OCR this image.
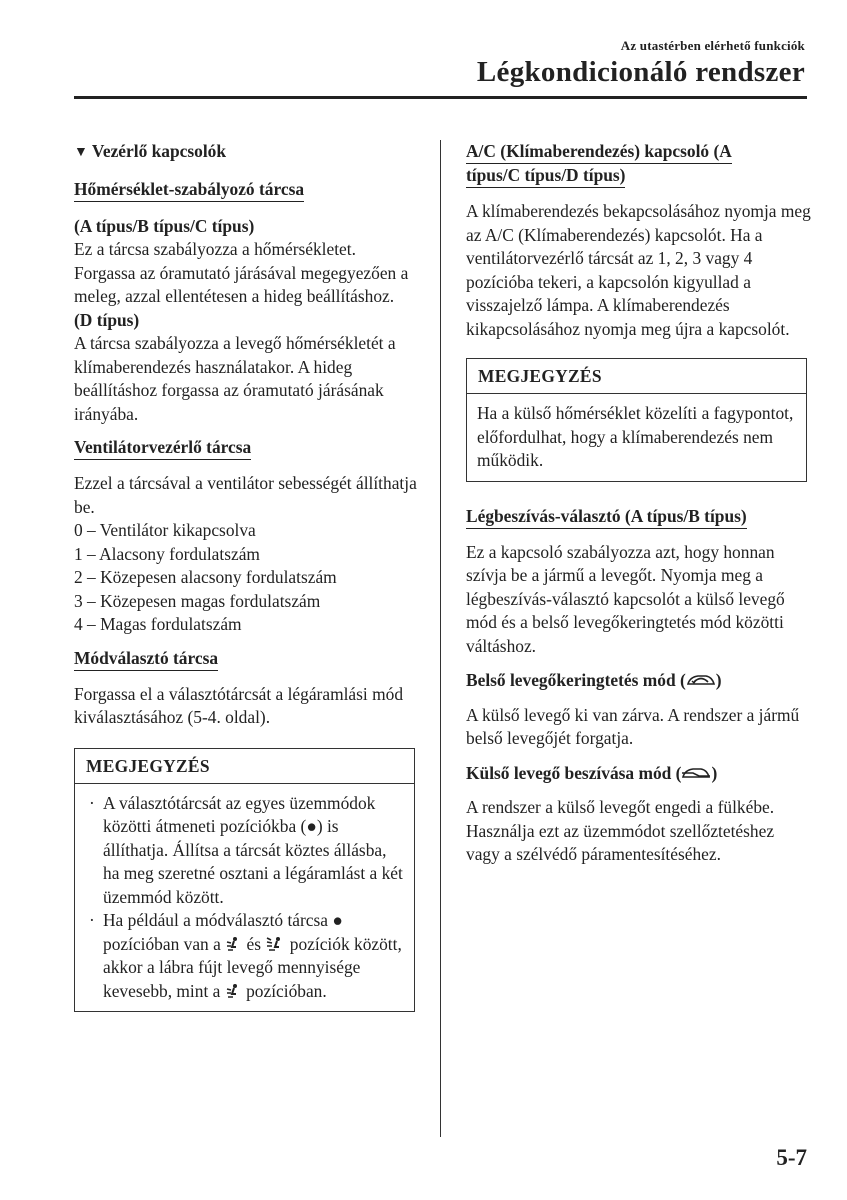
Az utastérben elérhető funkciók
Légkondicionáló rendszer
▼ Vezérlő kapcsolók
Hőmérséklet-szabályozó tárcsa

(A típus/B típus/C típus)

Ez a tárcsa szabályozza a hőmérsékletet. Forgassa az óramutató járásával megegyezően a meleg, azzal ellentétesen a hideg beállításhoz.

(D típus)

A tárcsa szabályozza a levegő hőmérsékletét a klímaberendezés használatakor. A hideg beállításhoz forgassa az óramutató járásának irányába.

Ventilátorvezérlő tárcsa

Ezzel a tárcsával a ventilátor sebességét állíthatja be.

0 – Ventilátor kikapcsolva

1 – Alacsony fordulatszám

2 – Közepesen alacsony fordulatszám

3 – Közepesen magas fordulatszám

4 – Magas fordulatszám

Módválasztó tárcsa

Forgassa el a választótárcsát a légáramlási mód kiválasztásához (5-4. oldal).

MEGJEGYZÉS
· A választótárcsát az egyes üzemmódok közötti átmeneti pozíciókba (●) is állíthatja. Állítsa a tárcsát köztes állásba, ha meg szeretné osztani a légáramlást a két üzemmód között.
· Ha például a módválasztó tárcsa ● pozícióban van a és pozíciók között, akkor a lábra fújt levegő mennyisége kevesebb, mint a pozícióban.
A/C (Klímaberendezés) kapcsoló (A
típus/C típus/D típus)

A klímaberendezés bekapcsolásához nyomja meg az A/C (Klímaberendezés) kapcsolót. Ha a ventilátorvezérlő tárcsát az 1, 2, 3 vagy 4 pozícióba tekeri, a kapcsolón kigyullad a visszajelző lámpa. A klímaberendezés kikapcsolásához nyomja meg újra a kapcsolót.

MEGJEGYZÉS

Ha a külső hőmérséklet közelíti a fagypontot, előfordulhat, hogy a klímaberendezés nem működik.

Légbeszívás-választó (A típus/B típus)

Ez a kapcsoló szabályozza azt, hogy honnan szívja be a jármű a levegőt. Nyomja meg a légbeszívás-választó kapcsolót a külső levegő mód és a belső levegőkeringtetés mód közötti váltáshoz.

Belső levegőkeringtetés mód ( )

A külső levegő ki van zárva. A rendszer a jármű belső levegőjét forgatja.

Külső levegő beszívása mód ( )

A rendszer a külső levegőt engedi a fülkébe. Használja ezt az üzemmódot szellőztetéshez vagy a szélvédő páramentesítéséhez.

5-7
